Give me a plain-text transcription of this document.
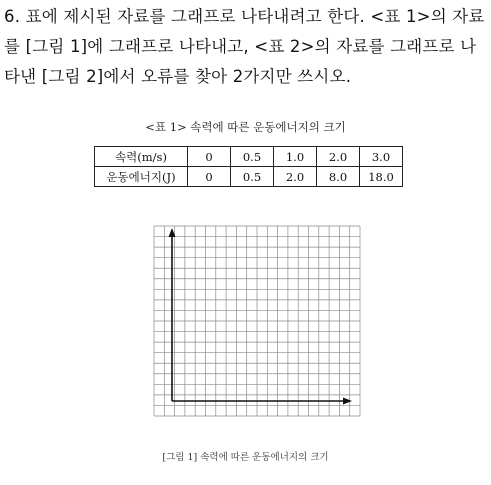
6. 표에 제시된 자료를 그래프로 나타내려고 한다. <표 1>의 자료를 [그림 1]에 그래프로 나타내고, <표 2>의 자료를 그래프로 나타낸 [그림 2]에서 오류를 찾아 2가지만 쓰시오.
<표 1> 속력에 따른 운동에너지의 크기
속력(m/s)	0	0.5	1.0	2.0	3.0
운동에너지(J)	0	0.5	2.0	8.0	18.0
[그림 1] 속력에 따른 운동에너지의 크기
